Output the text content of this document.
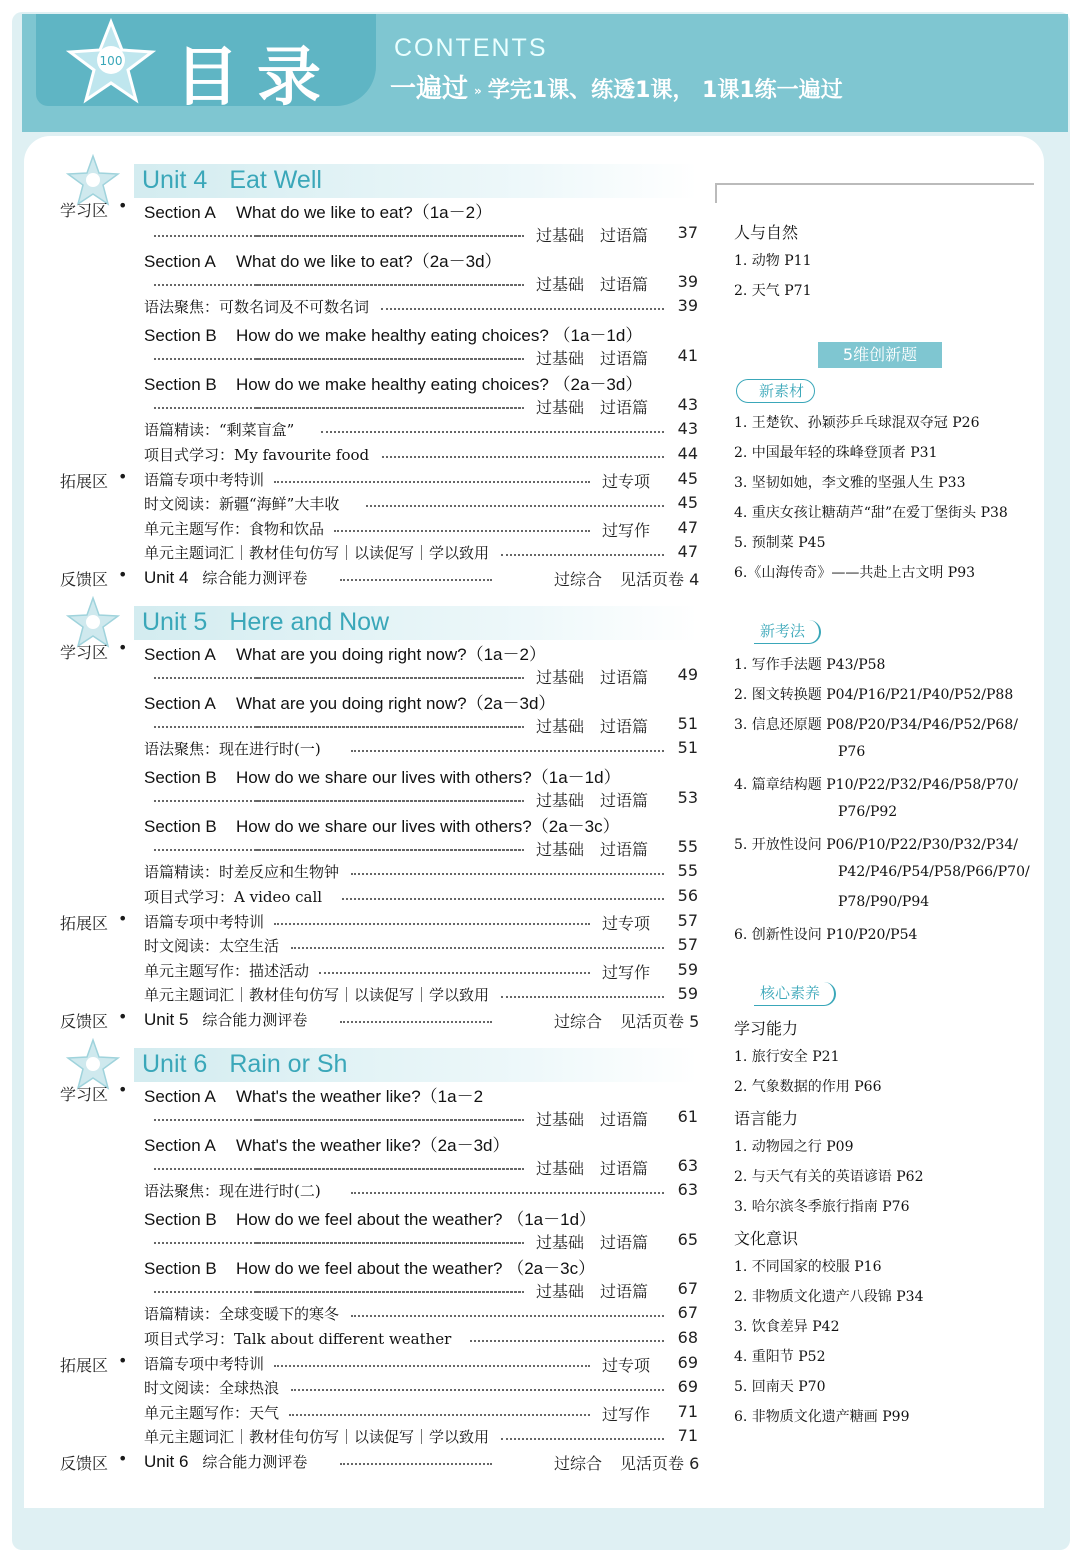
100 目录 CONTENTS
一遍过 » 学完1课、练透1课， 1课1练一遍过
Unit 4 Eat Well
Unit 5 Here and Now
Unit 6 Rain or Sh
学习区 • Section A What do we like to eat?（1a－2）
过基础 过语篇 37
Section A What do we like to eat?（2a－3d）
过基础 过语篇 39
语法聚焦：可数名词及不可数名词	39
Section B How do we make healthy eating choices? （1a－1d）
过基础 过语篇 41
Section B How do we make healthy eating choices? （2a－3d）
过基础 过语篇 43
语篇精读：“剩菜盲盒”	43
项目式学习：My favourite food	44
拓展区 • 语篇专项中考特训	过专项 45
时文阅读：新疆“海鲜”大丰收	45
单元主题写作：食物和饮品	过写作 47
单元主题词汇｜教材佳句仿写｜以读促写｜学以致用	47
反馈区 • Unit 4 综合能力测评卷	过综合 见活页卷 4
学习区 • Section A What are you doing right now?（1a－2）
过基础 过语篇 49
Section A What are you doing right now?（2a－3d）
过基础 过语篇 51
语法聚焦：现在进行时(一)	51
Section B How do we share our lives with others?（1a－1d）
过基础 过语篇 53
Section B How do we share our lives with others?（2a－3c）
过基础 过语篇 55
语篇精读：时差反应和生物钟	55
项目式学习：A video call	56
拓展区 • 语篇专项中考特训	过专项 57
时文阅读：太空生活	57
单元主题写作：描述活动	过写作 59
单元主题词汇｜教材佳句仿写｜以读促写｜学以致用	59
反馈区 • Unit 5 综合能力测评卷	过综合 见活页卷 5
学习区 • Section A What's the weather like?（1a－2
过基础 过语篇 61
Section A What's the weather like?（2a－3d）
过基础 过语篇 63
语法聚焦：现在进行时(二)	63
Section B How do we feel about the weather? （1a－1d）
过基础 过语篇 65
Section B How do we feel about the weather? （2a－3c）
过基础 过语篇 67
语篇精读：全球变暖下的寒冬	67
项目式学习：Talk about different weather	68
拓展区 • 语篇专项中考特训	过专项 69
时文阅读：全球热浪	69
单元主题写作：天气	过写作 71
单元主题词汇｜教材佳句仿写｜以读促写｜学以致用	71
反馈区 • Unit 6 综合能力测评卷	过综合 见活页卷 6
人与自然
1. 动物 P11
2. 天气 P71
5维创新题
新素材
1. 王楚钦、孙颖莎乒乓球混双夺冠 P26
2. 中国最年轻的珠峰登顶者 P31
3. 坚韧如她，李文雅的坚强人生 P33
4. 重庆女孩让糖葫芦“甜”在爱丁堡街头 P38
5. 预制菜 P45
6.《山海传奇》——共赴上古文明 P93
新考法
1. 写作手法题 P43/P58
2. 图文转换题 P04/P16/P21/P40/P52/P88
3. 信息还原题 P08/P20/P34/P46/P52/P68/
P76
4. 篇章结构题 P10/P22/P32/P46/P58/P70/
P76/P92
5. 开放性设问 P06/P10/P22/P30/P32/P34/
P42/P46/P54/P58/P66/P70/
P78/P90/P94
6. 创新性设问 P10/P20/P54
核心素养
学习能力
1. 旅行安全 P21
2. 气象数据的作用 P66
语言能力
1. 动物园之行 P09
2. 与天气有关的英语谚语 P62
3. 哈尔滨冬季旅行指南 P76
文化意识
1. 不同国家的校服 P16
2. 非物质文化遗产八段锦 P34
3. 饮食差异 P42
4. 重阳节 P52
5. 回南天 P70
6. 非物质文化遗产糖画 P99
